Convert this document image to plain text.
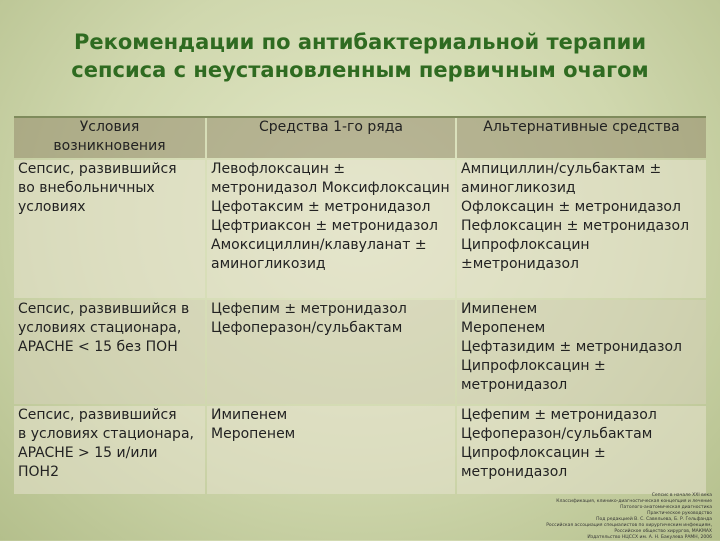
Рекомендации по антибактериальной терапии
сепсиса с неустановленным первичным очагом
Условия
возникновения
Средства 1-го ряда	Альтернативные средства
Сепсис, развившийся
во внебольничных
условиях
Левофлоксацин ±
метронидазол Моксифлоксацин
Цефотаксим ± метронидазол
Цефтриаксон ± метронидазол
Амоксициллин/клавуланат ±
аминогликозид
Ампициллин/сульбактам ±
аминогликозид
Офлоксацин ± метронидазол
Пефлоксацин ± метронидазол
Ципрофлоксацин
±метронидазол
Сепсис, развившийся в
условиях стационара,
APACHE < 15 без ПОН
Цефепим ± метронидазол
Цефоперазон/сульбактам
Имипенем
Меропенем
Цефтазидим ± метронидазол
Ципрофлоксацин ±
метронидазол
Сепсис, развившийся
в условиях стационара,
APACHE > 15 и/или
ПОН2
Имипенем
Меропенем
Цефепим ± метронидазол
Цефоперазон/сульбактам
Ципрофлоксацин ±
метронидазол
Сепсис в начале XXI века
Классификация, клинико-диагностическая концепция и лечение
Патолого-анатомическая диагностика
Практическое руководство
Под редакцией В. С. Савельева, Б. Р. Гельфанда
Российская ассоциация специалистов по хирургическим инфекциям,
Российское общество хирургов, МАКМАХ
Издательство НЦССХ им. А. Н. Бакулева РАМН, 2006
